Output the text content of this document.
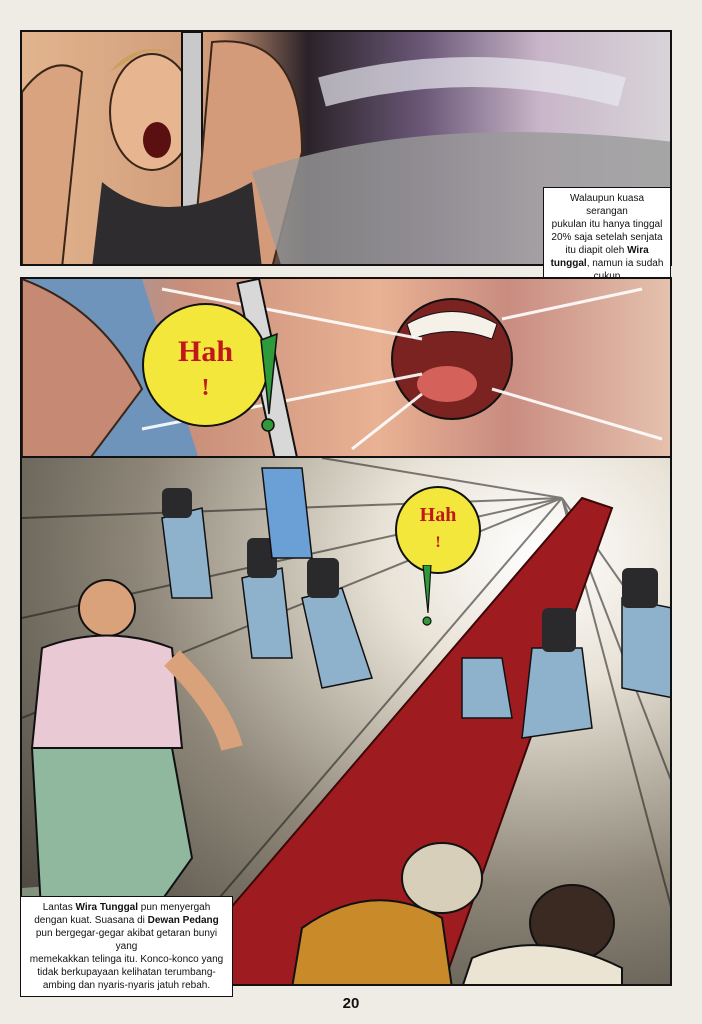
Walaupun kuasa serangan
pukulan itu hanya tinggal
20% saja setelah senjata
itu diapit oleh Wira
tunggal, namun ia sudah
Hah
!
Hah
!
Lantas Wira Tunggal pun menyergah
dengan kuat. Suasana di Dewan Pedang
pun bergegar-gegar akibat getaran bunyi yang
memekakkan telinga itu. Konco-konco yang
tidak berkupayaan kelihatan terumbang-
ambing dan nyaris-nyaris jatuh rebah.
20
